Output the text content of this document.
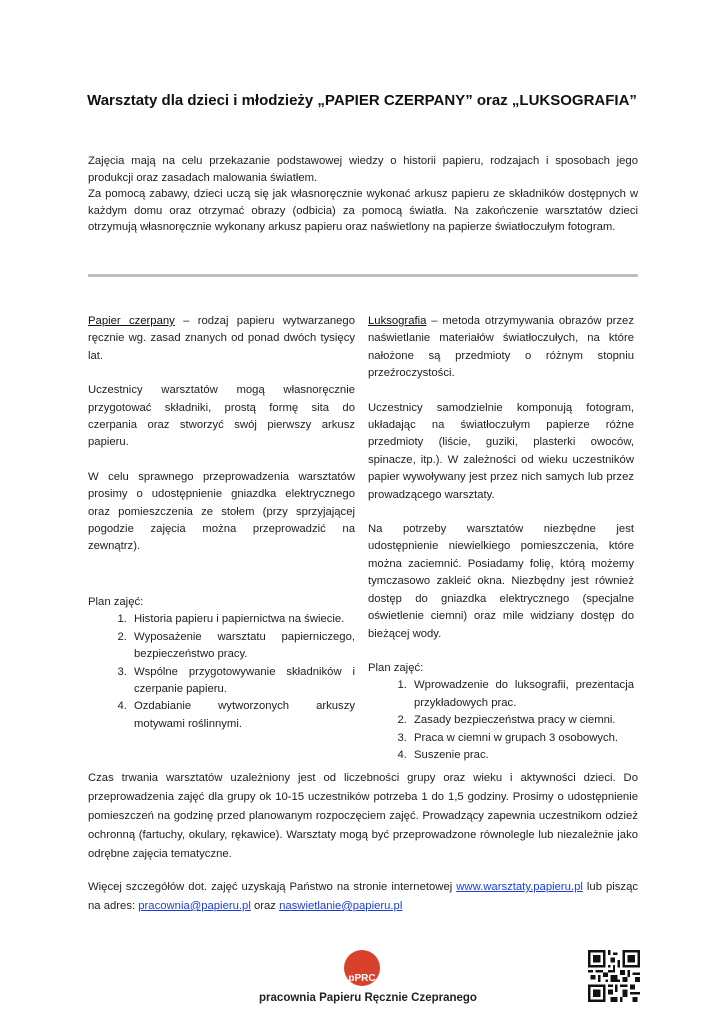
Warsztaty dla dzieci i młodzieży „PAPIER CZERPANY” oraz „LUKSOGRAFIA”

Zajęcia mają na celu przekazanie podstawowej wiedzy o historii papieru, rodzajach i sposobach jego produkcji oraz zasadach malowania światłem.

Za pomocą zabawy, dzieci uczą się jak własnoręcznie wykonać arkusz papieru ze składników dostępnych w każdym domu oraz otrzymać obrazy (odbicia) za pomocą światła. Na zakończenie warsztatów dzieci otrzymują własnoręcznie wykonany arkusz papieru oraz naświetlony na papierze światłoczułym fotogram.

Papier czerpany – rodzaj papieru wytwarzanego ręcznie wg. zasad znanych od ponad dwóch tysięcy lat.

Uczestnicy warsztatów mogą własnoręcznie przygotować składniki, prostą formę sita do czerpania oraz stworzyć swój pierwszy arkusz papieru.

W celu sprawnego przeprowadzenia warsztatów prosimy o udostępnienie gniazdka elektrycznego oraz pomieszczenia ze stołem (przy sprzyjającej pogodzie zajęcia można przeprowadzić na zewnątrz).

Plan zajęć:
1. Historia papieru i papiernictwa na świecie.
2. Wyposażenie warsztatu papierniczego, bezpieczeństwo pracy.
3. Wspólne przygotowywanie składników i czerpanie papieru.
4. Ozdabianie wytworzonych arkuszy motywami roślinnymi.

Luksografia – metoda otrzymywania obrazów przez naświetlanie materiałów światłoczułych, na które nałożone są przedmioty o różnym stopniu przeźroczystości.

Uczestnicy samodzielnie komponują fotogram, układając na światłoczułym papierze różne przedmioty (liście, guziki, plasterki owoców, spinacze, itp.). W zależności od wieku uczestników papier wywoływany jest przez nich samych lub przez prowadzącego warsztaty.

Na potrzeby warsztatów niezbędne jest udostępnienie niewielkiego pomieszczenia, które można zaciemnić. Posiadamy folię, którą możemy tymczasowo zakleić okna. Niezbędny jest również dostęp do gniazdka elektrycznego (specjalne oświetlenie ciemni) oraz mile widziany dostęp do bieżącej wody.

Plan zajęć:
1. Wprowadzenie do luksografii, prezentacja przykładowych prac.
2. Zasady bezpieczeństwa pracy w ciemni.
3. Praca w ciemni w grupach 3 osobowych.
4. Suszenie prac.

Czas trwania warsztatów uzależniony jest od liczebności grupy oraz wieku i aktywności dzieci. Do przeprowadzenia zajęć dla grupy ok 10-15 uczestników potrzeba 1 do 1,5 godziny. Prosimy o udostępnienie pomieszczeń na godzinę przed planowanym rozpoczęciem zajęć. Prowadzący zapewnia uczestnikom odzież ochronną (fartuchy, okulary, rękawice). Warsztaty mogą być przeprowadzone równolegle lub niezależnie jako odrębne zajęcia tematyczne.

Więcej szczegółów dot. zajęć uzyskają Państwo na stronie internetowej www.warsztaty.papieru.pl lub pisząc na adres: pracownia@papieru.pl oraz naswietlanie@papieru.pl

pPRC
pracownia Papieru Ręcznie Czepranego
